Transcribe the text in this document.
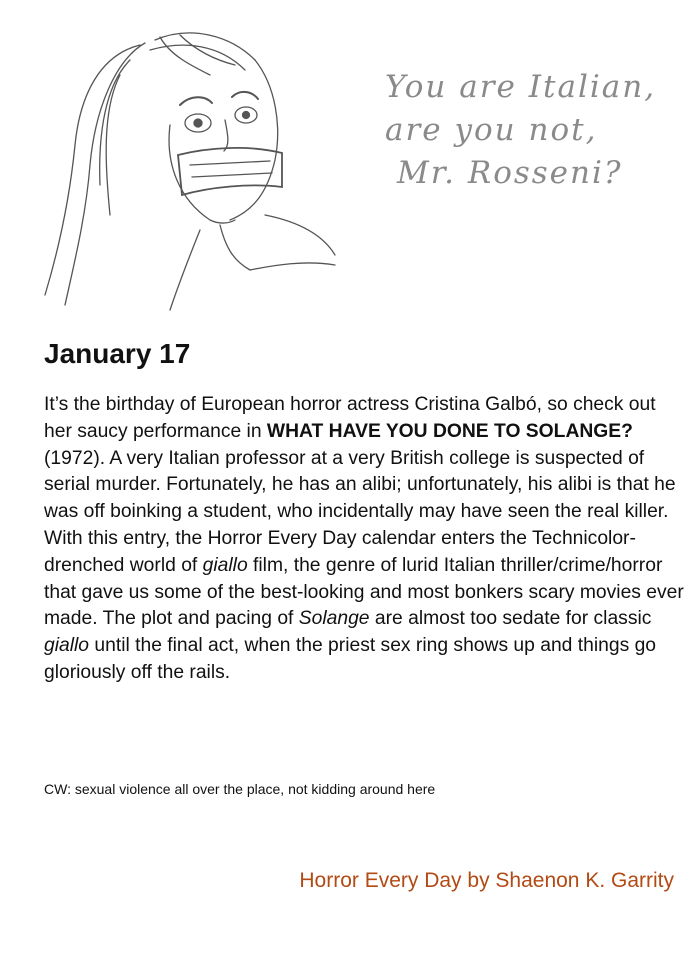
You are Italian,
are you not,
Mr. Rosseni?
January 17

It’s the birthday of European horror actress Cristina Galbó, so check out her saucy performance in WHAT HAVE YOU DONE TO SOLANGE? (1972). A very Italian professor at a very British college is suspected of serial murder. Fortunately, he has an alibi; unfortunately, his alibi is that he was off boinking a student, who incidentally may have seen the real killer. With this entry, the Horror Every Day calendar enters the Technicolor-drenched world of giallo film, the genre of lurid Italian thriller/crime/horror that gave us some of the best-looking and most bonkers scary movies ever made. The plot and pacing of Solange are almost too sedate for classic giallo until the final act, when the priest sex ring shows up and things go gloriously off the rails.

CW: sexual violence all over the place, not kidding around here

Horror Every Day by Shaenon K. Garrity
